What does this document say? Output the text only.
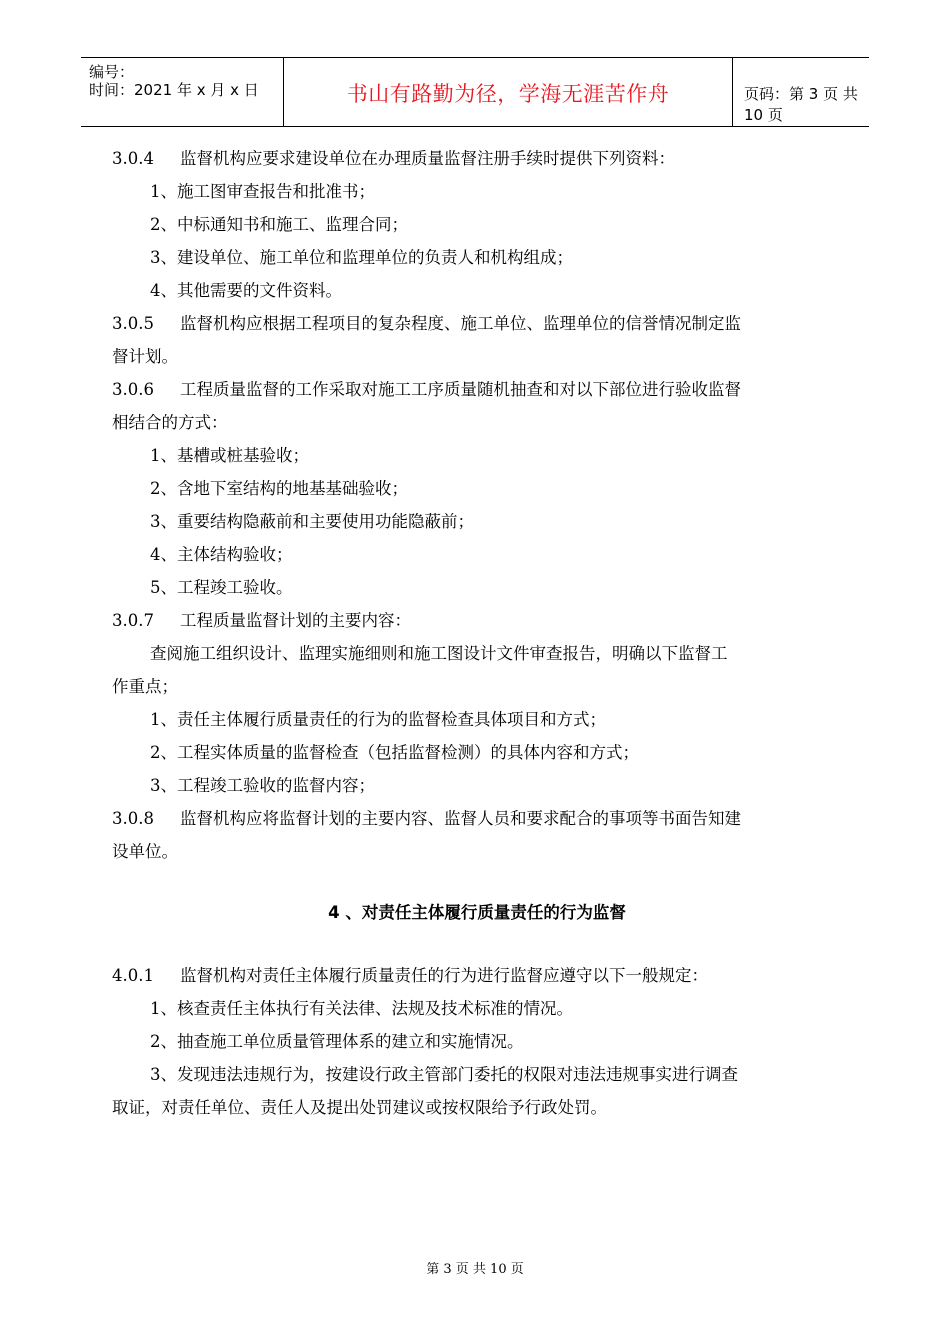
编号：
时间：2021 年 x 月 x 日	书山有路勤为径，学海无涯苦作舟	页码：第 3 页 共 10 页

3.0.4 监督机构应要求建设单位在办理质量监督注册手续时提供下列资料：

1、施工图审查报告和批准书；

2、中标通知书和施工、监理合同；

3、建设单位、施工单位和监理单位的负责人和机构组成；

4、其他需要的文件资料。

3.0.5 监督机构应根据工程项目的复杂程度、施工单位、监理单位的信誉情况制定监

督计划。

3.0.6 工程质量监督的工作采取对施工工序质量随机抽查和对以下部位进行验收监督

相结合的方式：

1、基槽或桩基验收；

2、含地下室结构的地基基础验收；

3、重要结构隐蔽前和主要使用功能隐蔽前；

4、主体结构验收；

5、工程竣工验收。

3.0.7 工程质量监督计划的主要内容：

查阅施工组织设计、监理实施细则和施工图设计文件审查报告，明确以下监督工

作重点；

1、责任主体履行质量责任的行为的监督检查具体项目和方式；

2、工程实体质量的监督检查（包括监督检测）的具体内容和方式；

3、工程竣工验收的监督内容；

3.0.8 监督机构应将监督计划的主要内容、监督人员和要求配合的事项等书面告知建

设单位。

4 、对责任主体履行质量责任的行为监督

4.0.1 监督机构对责任主体履行质量责任的行为进行监督应遵守以下一般规定：

1、核查责任主体执行有关法律、法规及技术标准的情况。

2、抽查施工单位质量管理体系的建立和实施情况。

3、发现违法违规行为，按建设行政主管部门委托的权限对违法违规事实进行调查

取证，对责任单位、责任人及提出处罚建议或按权限给予行政处罚。

第 3 页 共 10 页
